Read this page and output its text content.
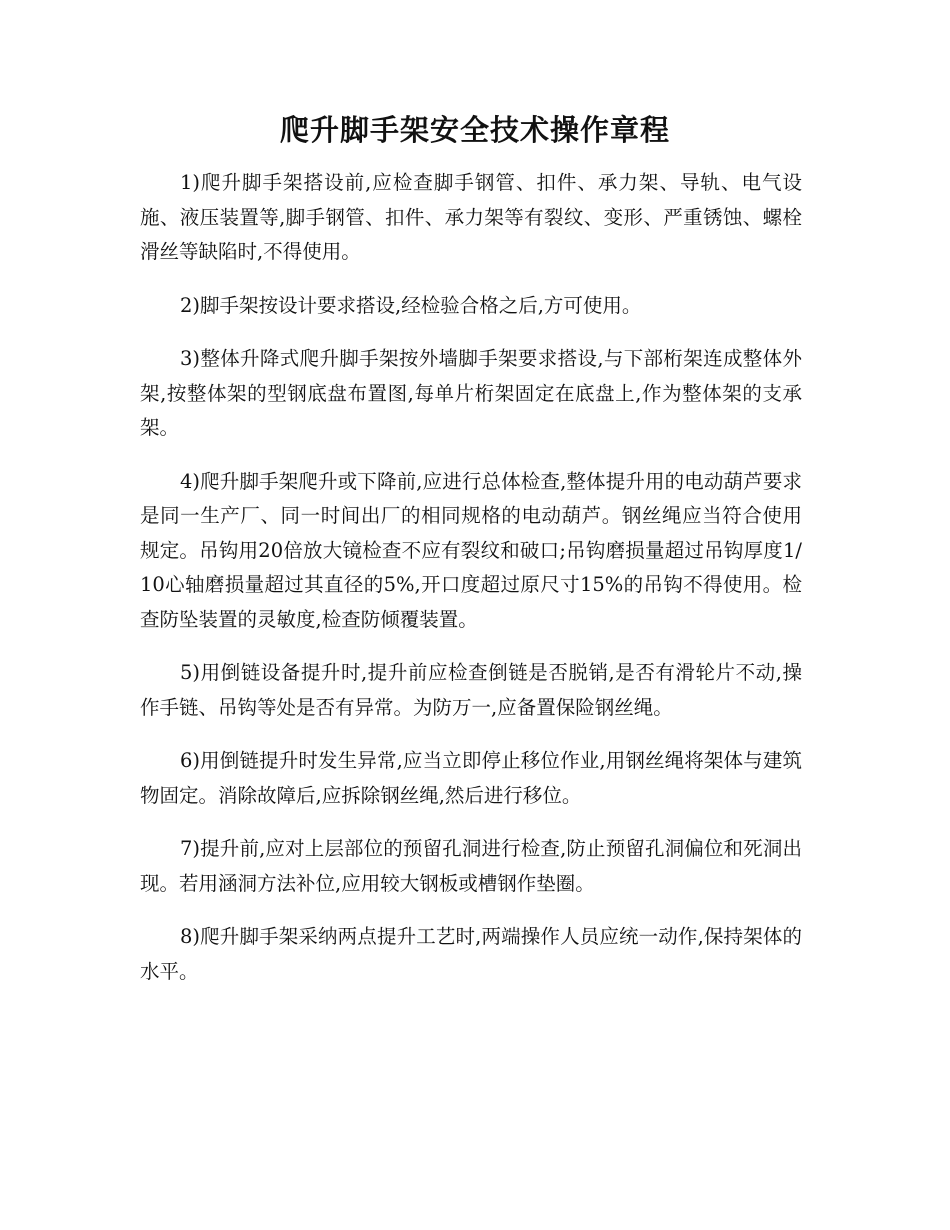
爬升脚手架安全技术操作章程

1)爬升脚手架搭设前,应检查脚手钢管、扣件、承力架、导轨、电气设施、液压装置等,脚手钢管、扣件、承力架等有裂纹、变形、严重锈蚀、螺栓滑丝等缺陷时,不得使用。

2)脚手架按设计要求搭设,经检验合格之后,方可使用。

3)整体升降式爬升脚手架按外墙脚手架要求搭设,与下部桁架连成整体外架,按整体架的型钢底盘布置图,每单片桁架固定在底盘上,作为整体架的支承架。

4)爬升脚手架爬升或下降前,应进行总体检查,整体提升用的电动葫芦要求是同一生产厂、同一时间出厂的相同规格的电动葫芦。钢丝绳应当符合使用规定。吊钩用20倍放大镜检查不应有裂纹和破口;吊钩磨损量超过吊钩厚度1/10心轴磨损量超过其直径的5%,开口度超过原尺寸15%的吊钩不得使用。检查防坠装置的灵敏度,检查防倾覆装置。

5)用倒链设备提升时,提升前应检查倒链是否脱销,是否有滑轮片不动,操作手链、吊钩等处是否有异常。为防万一,应备置保险钢丝绳。

6)用倒链提升时发生异常,应当立即停止移位作业,用钢丝绳将架体与建筑物固定。消除故障后,应拆除钢丝绳,然后进行移位。

7)提升前,应对上层部位的预留孔洞进行检查,防止预留孔洞偏位和死洞出现。若用涵洞方法补位,应用较大钢板或槽钢作垫圈。

8)爬升脚手架采纳两点提升工艺时,两端操作人员应统一动作,保持架体的水平。
